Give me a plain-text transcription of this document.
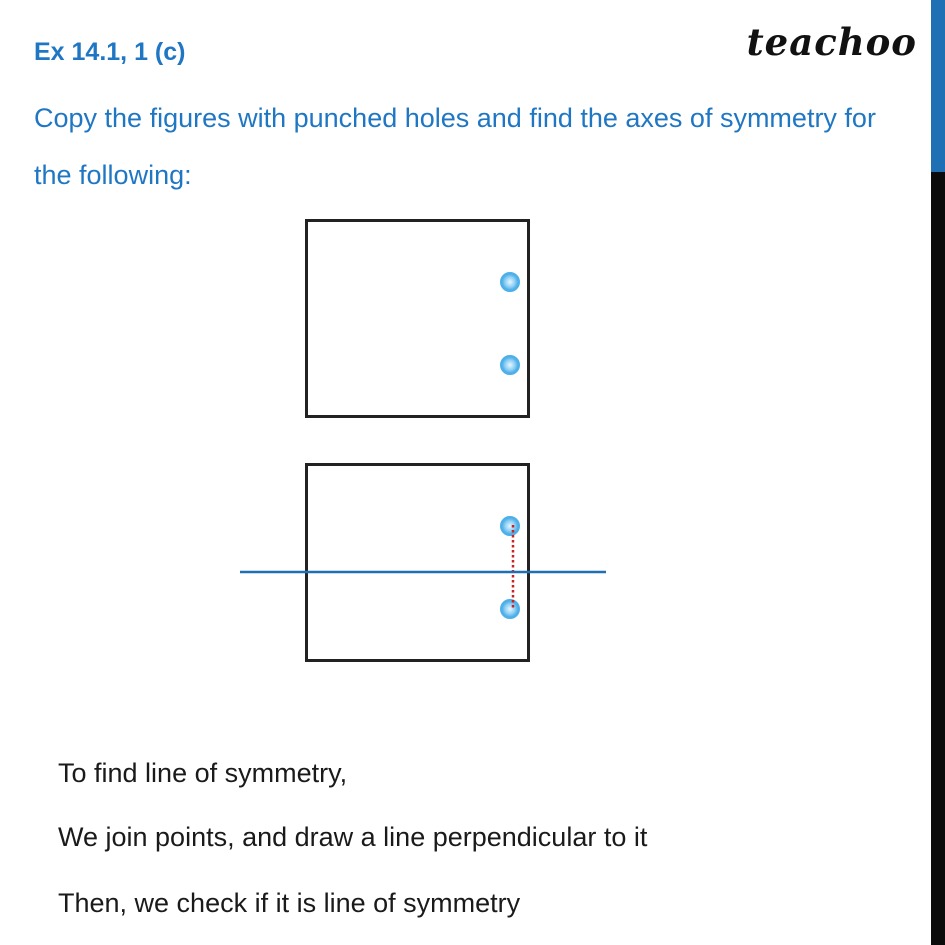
Ex 14.1, 1 (c)

Copy the figures with punched holes and find the axes of symmetry for the following:

teachoo

To find line of symmetry,

We join points, and draw a line perpendicular to it

Then, we check if it is line of symmetry
